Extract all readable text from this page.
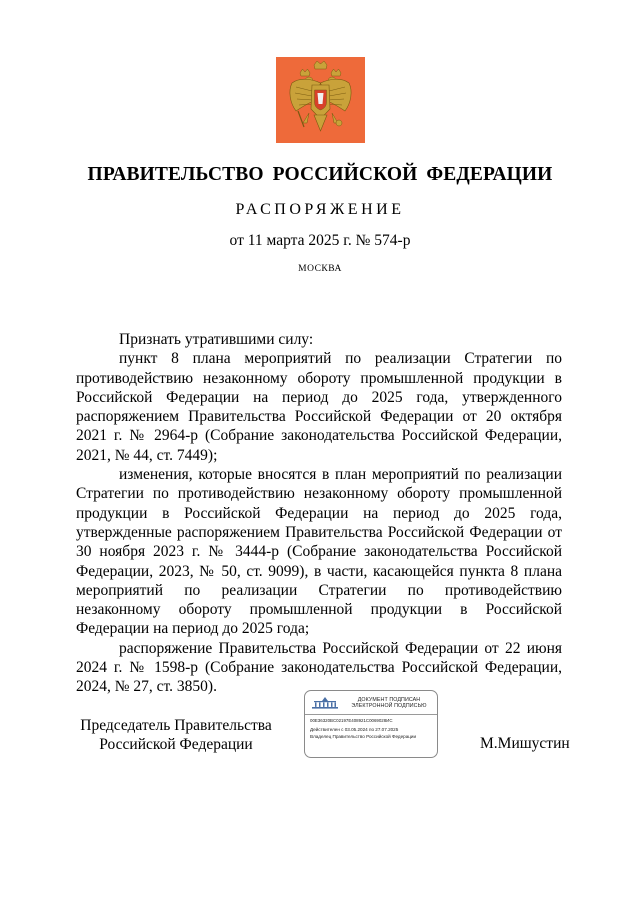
ПРАВИТЕЛЬСТВО РОССИЙСКОЙ ФЕДЕРАЦИИ
РАСПОРЯЖЕНИЕ
от 11 марта 2025 г. № 574-р
МОСКВА

Признать утратившими силу:

пункт 8 плана мероприятий по реализации Стратегии по противодействию незаконному обороту промышленной продукции в Российской Федерации на период до 2025 года, утвержденного распоряжением Правительства Российской Федерации от 20 октября 2021 г. № 2964-р (Собрание законодательства Российской Федерации, 2021, № 44, ст. 7449);

изменения, которые вносятся в план мероприятий по реализации Стратегии по противодействию незаконному обороту промышленной продукции в Российской Федерации на период до 2025 года, утвержденные распоряжением Правительства Российской Федерации от 30 ноября 2023 г. № 3444-р (Собрание законодательства Российской Федерации, 2023, № 50, ст. 9099), в части, касающейся пункта 8 плана мероприятий по реализации Стратегии по противодействию незаконному обороту промышленной продукции в Российской Федерации на период до 2025 года;

распоряжение Правительства Российской Федерации от 22 июня 2024 г. № 1598-р (Собрание законодательства Российской Федерации, 2024, № 27, ст. 3850).

Председатель Правительства
Российской Федерации
ДОКУМЕНТ ПОДПИСАН
ЭЛЕКТРОННОЙ ПОДПИСЬЮ
00E36320BC02197E408921C0069028ИC
Действителен с 03.05.2024 по 27.07.2025
Владелец Правительство Российской Федерации	М.Мишустин
